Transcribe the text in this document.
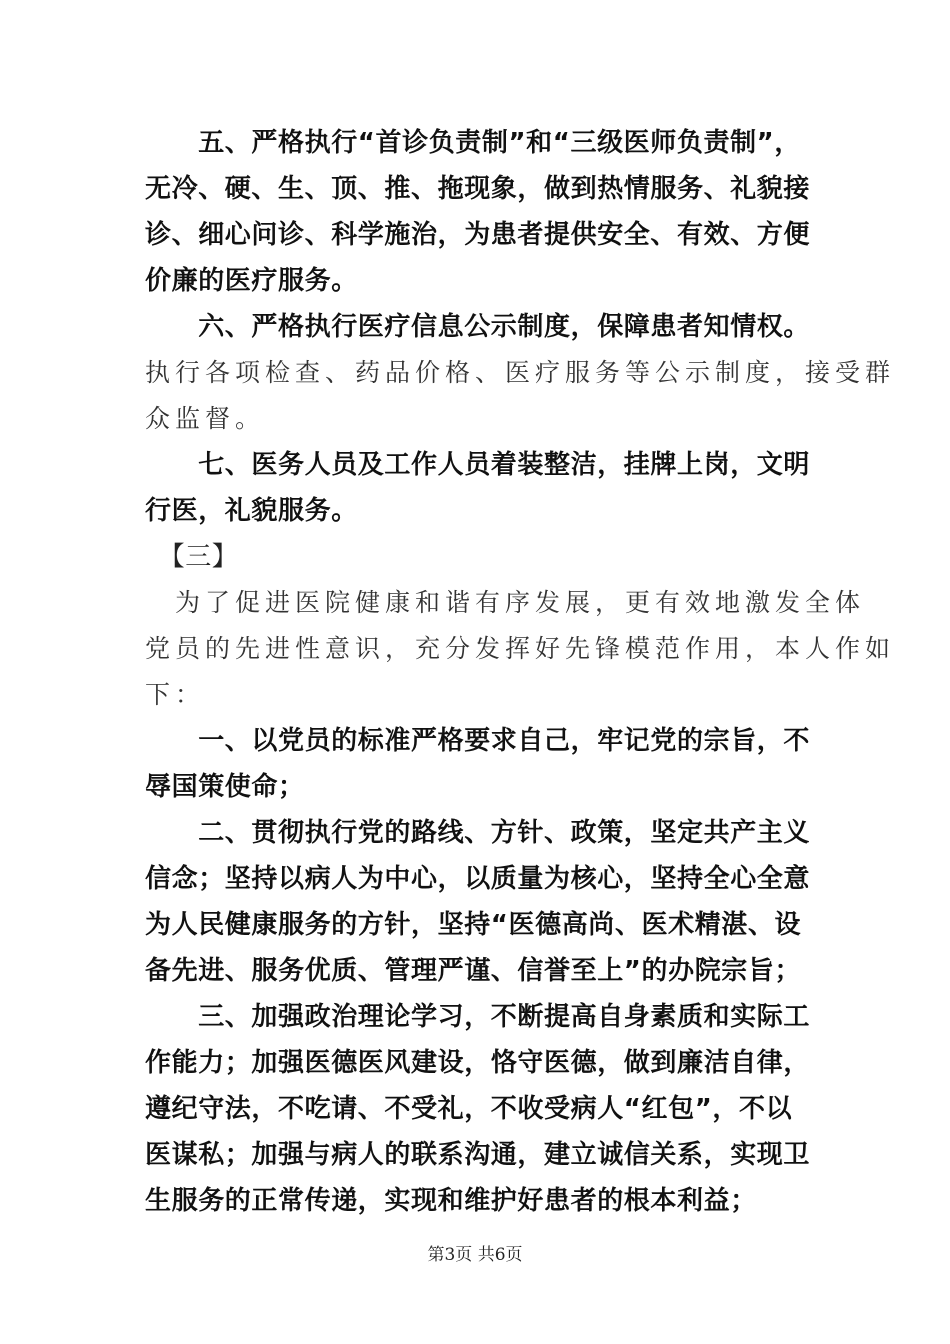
　　五、严格执行“首诊负责制”和“三级医师负责制”，
无冷、硬、生、顶、推、拖现象，做到热情服务、礼貌接
诊、细心问诊、科学施治，为患者提供安全、有效、方便
价廉的医疗服务。
　　六、严格执行医疗信息公示制度，保障患者知情权。
执行各项检查、药品价格、医疗服务等公示制度，接受群
众监督。
　　七、医务人员及工作人员着装整洁，挂牌上岗，文明
行医，礼貌服务。
　【三】
　为了促进医院健康和谐有序发展，更有效地激发全体
党员的先进性意识，充分发挥好先锋模范作用，本人作如
下：
　　一、以党员的标准严格要求自己，牢记党的宗旨，不
辱国策使命；
　　二、贯彻执行党的路线、方针、政策，坚定共产主义
信念；坚持以病人为中心，以质量为核心，坚持全心全意
为人民健康服务的方针，坚持“医德高尚、医术精湛、设
备先进、服务优质、管理严谨、信誉至上”的办院宗旨；
　　三、加强政治理论学习，不断提高自身素质和实际工
作能力；加强医德医风建设，恪守医德，做到廉洁自律，
遵纪守法，不吃请、不受礼，不收受病人“红包”，不以
医谋私；加强与病人的联系沟通，建立诚信关系，实现卫
生服务的正常传递，实现和维护好患者的根本利益；
第3页 共6页
